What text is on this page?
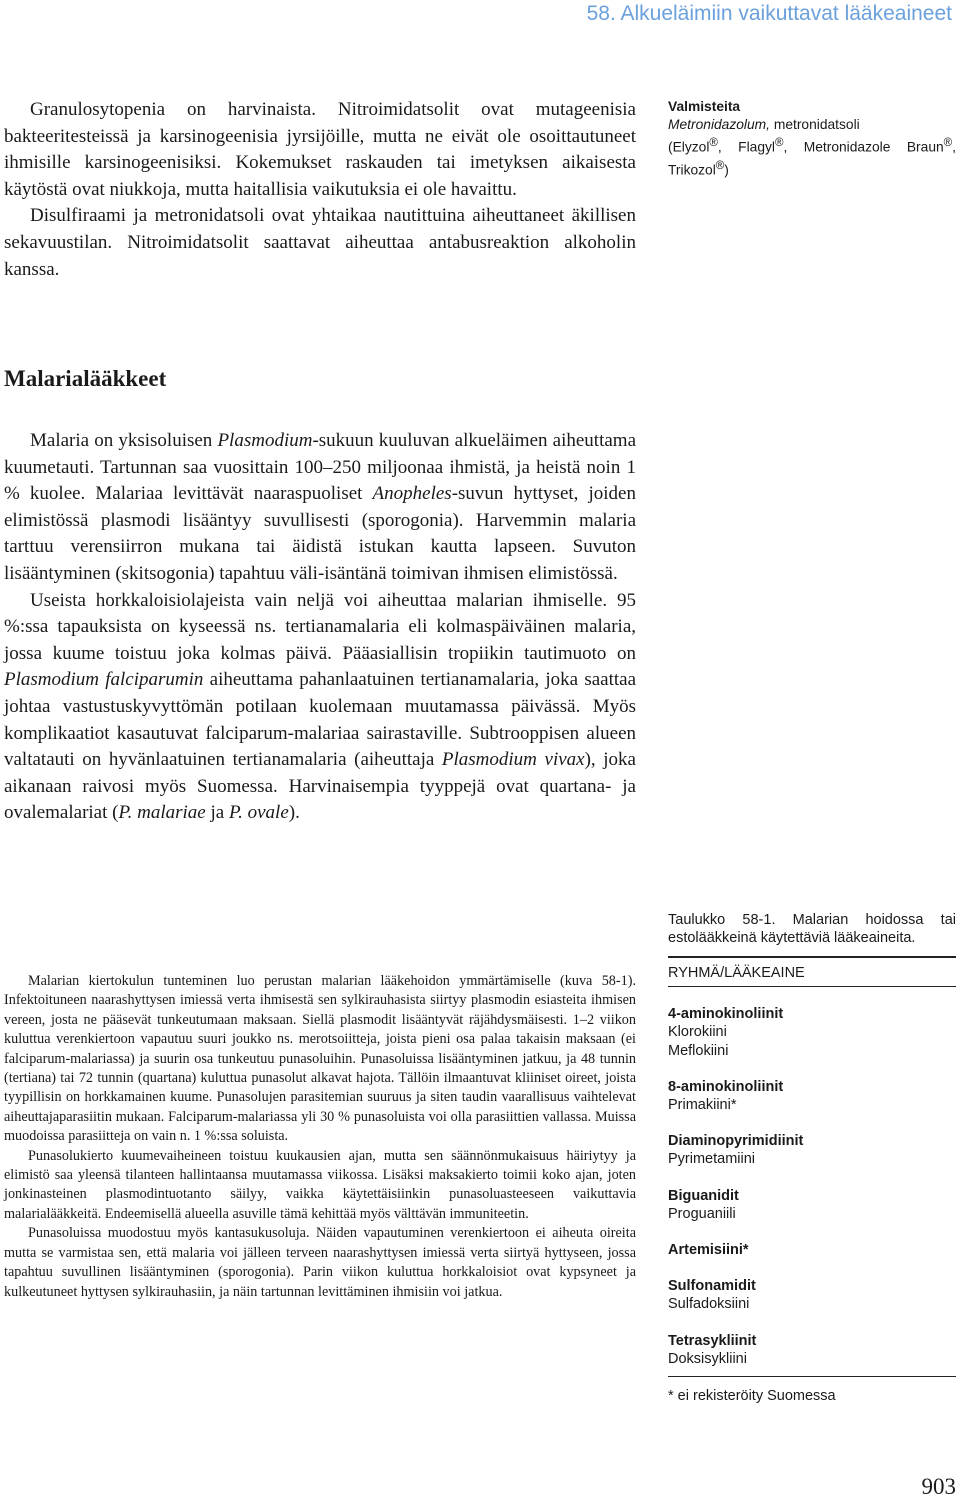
58. Alkueläimiin vaikuttavat lääkeaineet

Granulosytopenia on harvinaista. Nitroimidatsolit ovat mutageenisia bakteeritesteissä ja karsinogeenisia jyrsijöille, mutta ne eivät ole osoittautuneet ihmisille karsinogeenisiksi. Kokemukset raskauden tai imetyksen aikaisesta käytöstä ovat niukkoja, mutta haitallisia vaikutuksia ei ole havaittu.

Disulfiraami ja metronidatsoli ovat yhtaikaa nautittuina aiheuttaneet äkillisen sekavuustilan. Nitroimidatsolit saattavat aiheuttaa antabusreaktion alkoholin kanssa.

Valmisteita
Metronidazolum, metronidatsoli
(Elyzol®, Flagyl®, Metronidazole Braun®, Trikozol®)
Malarialääkkeet

Malaria on yksisoluisen Plasmodium-sukuun kuuluvan alkueläimen aiheuttama kuumetauti. Tartunnan saa vuosittain 100–250 miljoonaa ihmistä, ja heistä noin 1 % kuolee. Malariaa levittävät naaraspuoliset Anopheles-suvun hyttyset, joiden elimistössä plasmodi lisääntyy suvullisesti (sporogonia). Harvemmin malaria tarttuu verensiirron mukana tai äidistä istukan kautta lapseen. Suvuton lisääntyminen (skitsogonia) tapahtuu väli-isäntänä toimivan ihmisen elimistössä.

Useista horkkaloisiolajeista vain neljä voi aiheuttaa malarian ihmiselle. 95 %:ssa tapauksista on kyseessä ns. tertianamalaria eli kolmaspäiväinen malaria, jossa kuume toistuu joka kolmas päivä. Pääasiallisin tropiikin tautimuoto on Plasmodium falciparumin aiheuttama pahanlaatuinen tertianamalaria, joka saattaa johtaa vastustuskyvyttömän potilaan kuolemaan muutamassa päivässä. Myös komplikaatiot kasautuvat falciparum-malariaa sairastaville. Subtrooppisen alueen valtatauti on hyvänlaatuinen tertianamalaria (aiheuttaja Plasmodium vivax), joka aikanaan raivosi myös Suomessa. Harvinaisempia tyyppejä ovat quartana- ja ovalemalariat (P. malariae ja P. ovale).

Malarian kiertokulun tunteminen luo perustan malarian lääkehoidon ymmärtämiselle (kuva 58-1). Infektoituneen naarashyttysen imiessä verta ihmisestä sen sylkirauhasista siirtyy plasmodin esiasteita ihmisen vereen, josta ne pääsevät tunkeutumaan maksaan. Siellä plasmodit lisääntyvät räjähdysmäisesti. 1–2 viikon kuluttua verenkiertoon vapautuu suuri joukko ns. merotsoiitteja, joista pieni osa palaa takaisin maksaan (ei falciparum-malariassa) ja suurin osa tunkeutuu punasoluihin. Punasoluissa lisääntyminen jatkuu, ja 48 tunnin (tertiana) tai 72 tunnin (quartana) kuluttua punasolut alkavat hajota. Tällöin ilmaantuvat kliiniset oireet, joista tyypillisin on horkkamainen kuume. Punasolujen parasitemian suuruus ja siten taudin vaarallisuus vaihtelevat aiheuttajaparasiitin mukaan. Falciparum-malariassa yli 30 % punasoluista voi olla parasiittien vallassa. Muissa muodoissa parasiitteja on vain n. 1 %:ssa soluista.

Punasolukierto kuumevaiheineen toistuu kuukausien ajan, mutta sen säännönmukaisuus häiriytyy ja elimistö saa yleensä tilanteen hallintaansa muutamassa viikossa. Lisäksi maksakierto toimii koko ajan, joten jonkinasteinen plasmodintuotanto säilyy, vaikka käytettäisiinkin punasoluasteeseen vaikuttavia malarialääkkeitä. Endeemisellä alueella asuville tämä kehittää myös välttävän immuniteetin.

Punasoluissa muodostuu myös kantasukusoluja. Näiden vapautuminen verenkiertoon ei aiheuta oireita mutta se varmistaa sen, että malaria voi jälleen terveen naarashyttysen imiessä verta siirtyä hyttyseen, jossa tapahtuu suvullinen lisääntyminen (sporogonia). Parin viikon kuluttua horkkaloisiot ovat kypsyneet ja kulkeutuneet hyttysen sylkirauhasiin, ja näin tartunnan levittäminen ihmisiin voi jatkua.

Taulukko 58-1. Malarian hoidossa tai estolääkkeinä käytettäviä lääkeaineita.
RYHMÄ/LÄÄKEAINE
4-aminokinoliinit
Klorokiini
Meflokiini
8-aminokinoliinit
Primakiini*
Diaminopyrimidiinit
Pyrimetamiini
Biguanidit
Proguaniili
Artemisiini*
Sulfonamidit
Sulfadoksiini
Tetrasykliinit
Doksisykliini
* ei rekisteröity Suomessa
903
